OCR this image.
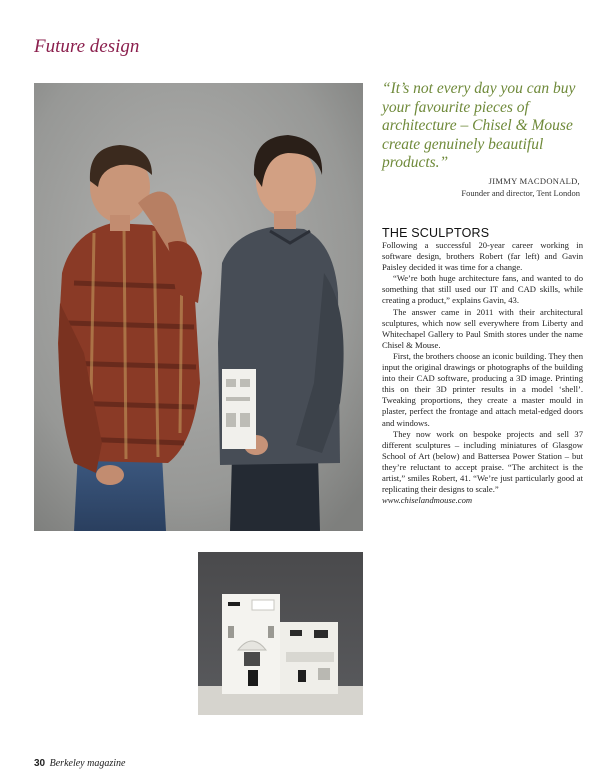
Future design
“It’s not every day you can buy your favourite pieces of architecture – Chisel & Mouse create genuinely beautiful products.”
JIMMY MACDONALD,
Founder and director, Tent London
THE SCULPTORS

Following a successful 20-year career working in software design, brothers Robert (far left) and Gavin Paisley decided it was time for a change.

“We’re both huge architecture fans, and wanted to do something that still used our IT and CAD skills, while creating a product,” explains Gavin, 43.

The answer came in 2011 with their architectural sculptures, which now sell everywhere from Liberty and Whitechapel Gallery to Paul Smith stores under the name Chisel & Mouse.

First, the brothers choose an iconic building. They then input the original drawings or photographs of the building into their CAD software, producing a 3D image. Printing this on their 3D printer results in a model ‘shell’. Tweaking proportions, they create a master mould in plaster, perfect the frontage and attach metal-edged doors and windows.

They now work on bespoke projects and sell 37 different sculptures – including miniatures of Glasgow School of Art (below) and Battersea Power Station – but they’re reluctant to accept praise. “The architect is the artist,” smiles Robert, 41. “We’re just particularly good at replicating their designs to scale.”

www.chiselandmouse.com
30 Berkeley magazine
